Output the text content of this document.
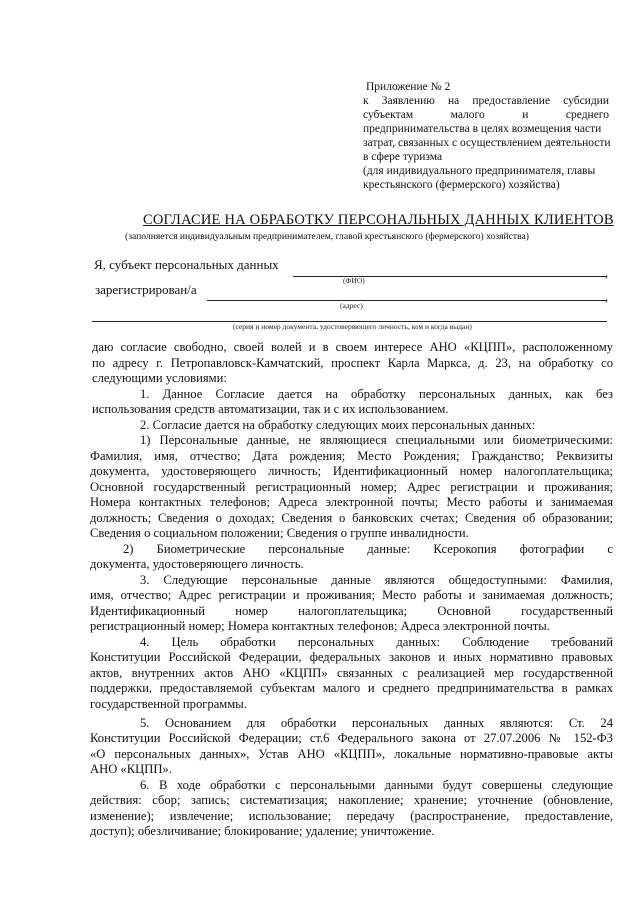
Приложение № 2
к Заявлению на предоставление субсидии
субъектам малого и среднего
предпринимательства в целях возмещения части
затрат, связанных с осуществлением деятельности
в сфере туризма
(для индивидуального предпринимателя, главы
крестьянского (фермерского) хозяйства)
СОГЛАСИЕ НА ОБРАБОТКУ ПЕРСОНАЛЬНЫХ ДАННЫХ КЛИЕНТОВ
(заполняется индивидуальным предпринимателем, главой крестьянского (фермерского) хозяйства)
Я, субъект персональных данных
,
(ФИО)
зарегистрирован/а	,
(адрес)
(серия и номер документа, удостоверяющего личность, кем и когда выдан)
даю согласие свободно, своей волей и в своем интересе АНО «КЦПП», расположенному
по адресу г. Петропавловск-Камчатский, проспект Карла Маркса, д. 23, на обработку со
следующими условиями:
1. Данное Согласие дается на обработку персональных данных, как без
использования средств автоматизации, так и с их использованием.
2. Согласие дается на обработку следующих моих персональных данных:
1) Персональные данные, не являющиеся специальными или биометрическими:
Фамилия, имя, отчество; Дата рождения; Место Рождения; Гражданство; Реквизиты
документа, удостоверяющего личность; Идентификационный номер налогоплательщика;
Основной государственный регистрационный номер; Адрес регистрации и проживания;
Номера контактных телефонов; Адреса электронной почты; Место работы и занимаемая
должность; Сведения о доходах; Сведения о банковских счетах; Сведения об образовании;
Сведения о социальном положении; Сведения о группе инвалидности.
2) Биометрические персональные данные: Ксерокопия фотографии с
документа, удостоверяющего личность.
3. Следующие персональные данные являются общедоступными: Фамилия,
имя, отчество; Адрес регистрации и проживания; Место работы и занимаемая должность;
Идентификационный номер налогоплательщика; Основной государственный
регистрационный номер; Номера контактных телефонов; Адреса электронной почты.
4. Цель обработки персональных данных: Соблюдение требований
Конституции Российской Федерации, федеральных законов и иных нормативно правовых
актов, внутренних актов АНО «КЦПП» связанных с реализацией мер государственной
поддержки, предоставляемой субъектам малого и среднего предпринимательства в рамках
государственной программы.
5. Основанием для обработки персональных данных являются: Ст. 24
Конституции Российской Федерации; ст.6 Федерального закона от 27.07.2006 № 152-ФЗ
«О персональных данных», Устав АНО «КЦПП», локальные нормативно-правовые акты
АНО «КЦПП».
6. В ходе обработки с персональными данными будут совершены следующие
действия: сбор; запись; систематизация; накопление; хранение; уточнение (обновление,
изменение); извлечение; использование; передачу (распространение, предоставление,
доступ); обезличивание; блокирование; удаление; уничтожение.
